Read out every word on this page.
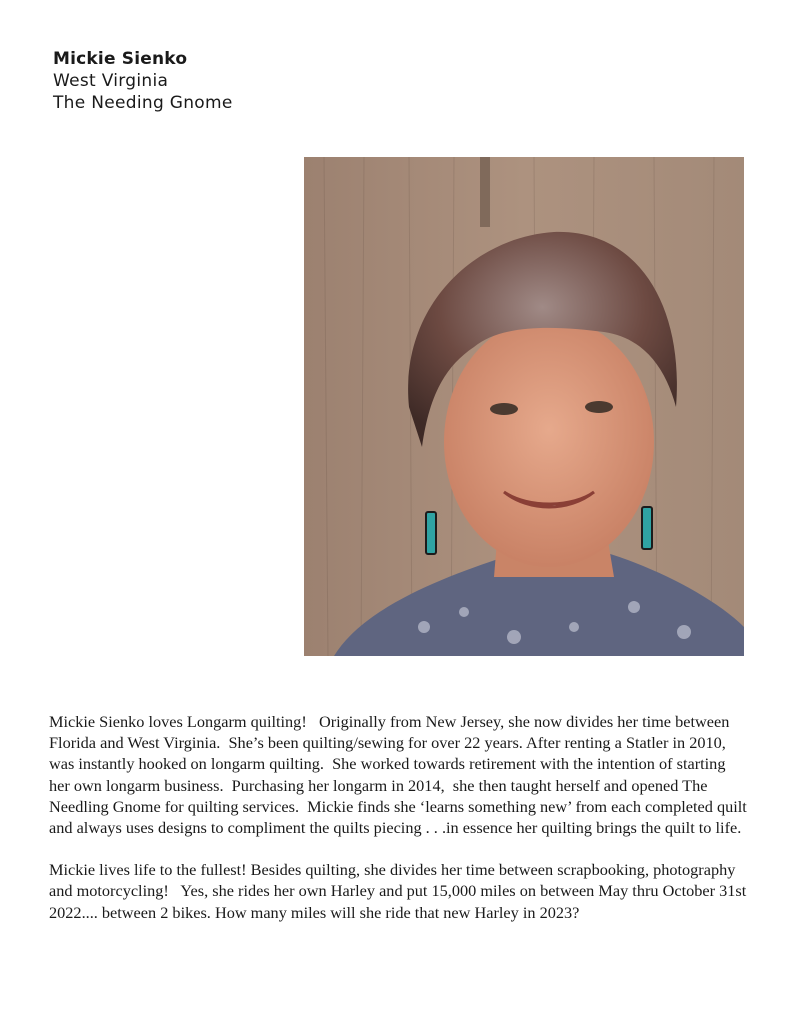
Mickie Sienko
West Virginia
The Needing Gnome

Mickie Sienko loves Longarm quilting!   Originally from New Jersey, she now divides her time between Florida and West Virginia.  She’s been quilting/sewing for over 22 years. After renting a Statler in 2010, was instantly hooked on longarm quilting.  She worked towards retirement with the intention of starting her own longarm business.  Purchasing her longarm in 2014,  she then taught herself and opened The Needling Gnome for quilting services.  Mickie finds she ‘learns something new’ from each completed quilt and always uses designs to compliment the quilts piecing . . .in essence her quilting brings the quilt to life.

Mickie lives life to the fullest! Besides quilting, she divides her time between scrapbooking, photography and motorcycling!   Yes, she rides her own Harley and put 15,000 miles on between May thru October 31st 2022.... between 2 bikes. How many miles will she ride that new Harley in 2023?
